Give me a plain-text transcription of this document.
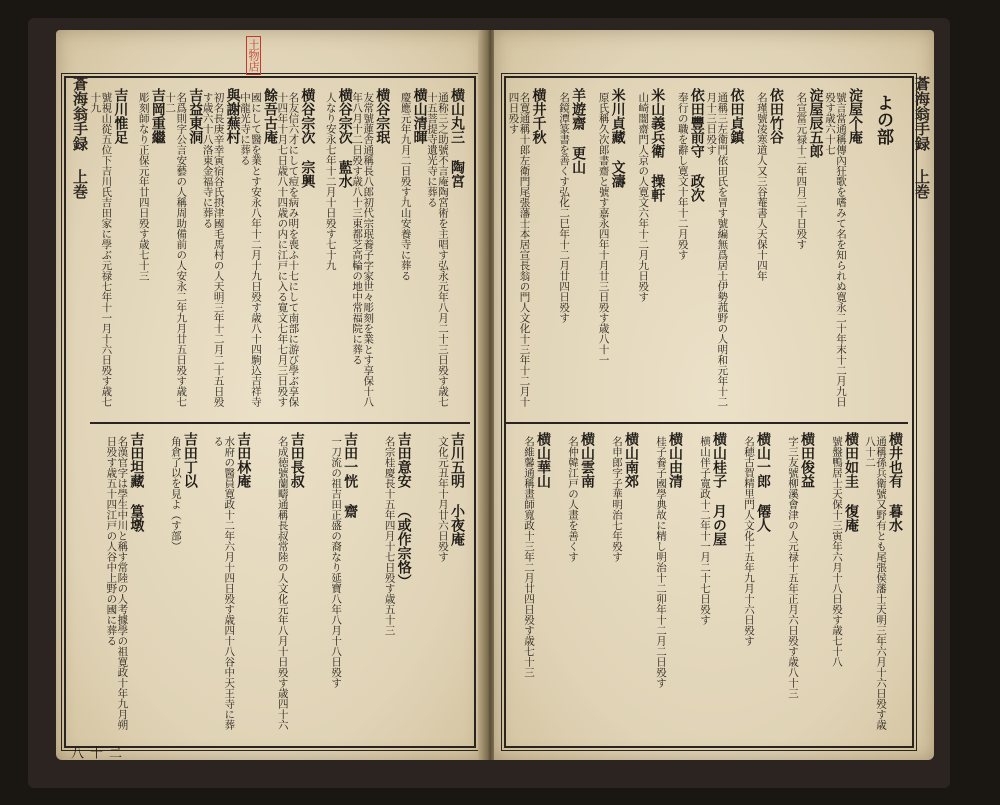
蒼海翁手録 上巻
土物店
二十八
横山丸三 陶宮
通称三之助號不言庵陶宮術を主唱す弘永元年八月二十三日殁す歳七十五菩提寺遺光寺に葬る
横山清暉
慶應元年九月二日殁す九山安養寺に葬る
横谷宗珉
友常號蓮舎通稱長八郎初代宗珉養子字家世々彫刻を業とす享保十八年八月十二日殁す歳八十三東都芝高輪の地中常福院に葬る
横谷宗次 藍水
人なり安永七年十二月十日殁す七十九
横谷宗次 宗興
名友信六才にして痘を病み明を喪ふ十七にして南部に游び學ぶ享保十四年十月七日歳八十四歳の内に江戸に入る寛文七年七月三日殁す
餘吾古庵
國にして醫を業とす安永八年十二月十九日殁す歳八十四駒込吉祥寺中龍光寺に葬る
與謝蕪村
初名長庚辛幸寅宿谷氏摂津國毛馬村の人天明三年十二月二十五日殁す歳六十八洛東金福寺に葬る
吉益東洞
名爲則字公言安藝の人稱周助備前の人安永二年九月廿五日殁す歳七十二
吉岡重繼
彫刻師なり正保元年廿四日殁す歳七十三
吉川惟足
號視山從五位下吉川氏吉田家に學ぶ元禄七年十一月十六日殁す歳七十九
吉川五明 小夜庵
文化元丑年十月廿六日殁す
吉田意安 （或作宗恪）
名宗桂慶長十五年四月十七日殁す歳五十三
吉田一恍 齋
一刀流の祖吉田正盛の裔なり延寶八年八月十八日殁す
吉田長叔
名成徳號蘭疇通稱長叔常陸の人文化元年八月十日殁す歳四十六
吉田林庵
水府の醫員寛政十二年六月十四日殁す歳四十八谷中天王寺に葬る
吉田丁以
角倉了以を見よ（す部）
吉田坦藏 篁墩
名漢官字は學生中川と稱す常陸の人考據學の祖寛政十年九月朔日殁す歳五十四江戸の人谷中上野の國に葬る
蒼海翁手録 上巻
よの部
淀屋个庵
號言當通稱傳內狂歌を嗜みて名を知られぬ寛永二十年末十二月九日殁す歳六十七
淀屋辰五郎
名宣當元禄十二年四月三十日殁す
依田竹谷
名瑾號凌寒道人又三谷菴書人天保十四年
依田貞鎮
通稱三左衛門依田氏を冒す號編無爲居士伊勢菰野の人明和元年十二月十三日殁す
依田豐前守 政次
奉行の職を辭し寛文十年十二月殁す
米山義兵衛 操軒
山崎闇齋門人京の人寛文六年十二月九日殁す
米川貞藏 文濤
原氏稱久次郎書齋と號す嘉永四年十月廿三日殁す歳八十一
羊遊齋 更山
名鏡潭篆書を善くす弘化二巳年十二月廿四日殁す
横井千秋
名寛通稱十郎左衛門尾張藩士本居宣長翁の門人文化十三年十二月十四日殁す
横井也有 暮水
通稱孫兵衛號又野有とも尾張侯藩士天明三年六月十六日殁す歳八十二
横田如圭 復庵
號盤鴨居士天保十三寅年六月十八日殁す歳七十八
横田俊益
字三友號柳溪會津の人元禄十五年正月六日殁す歳八十三
横山一郎 僊人
名穂古賀精里門人文化十五年九月十六日殁す
横山桂子 月の屋
横山伴子寛政十二年十一月二十七日殁す
横山由清
桂子養子國學典故に精し明治十二卯年十二月二日殁す
横山南郊
名申郎字子華明治七年殁す
横山雲南
名仲韓江戸の人畫を善くす
横山華山
名維馨通稱畫師寬政十三年二月廿四日殁す歳七十三
